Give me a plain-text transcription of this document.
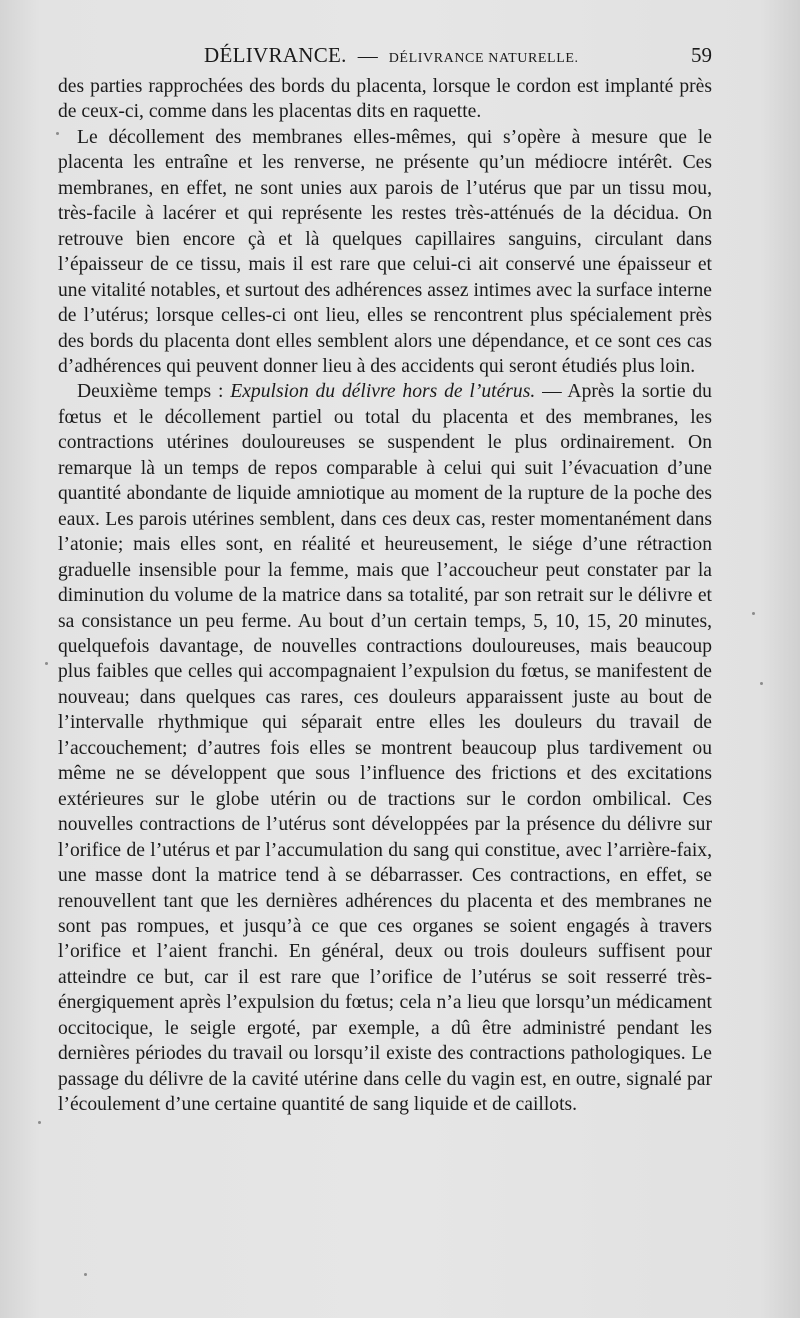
DÉLIVRANCE. — DÉLIVRANCE NATURELLE.	59

des parties rapprochées des bords du placenta, lorsque le cordon est implanté près de ceux-ci, comme dans les placentas dits en raquette.

Le décollement des membranes elles-mêmes, qui s’opère à mesure que le placenta les entraîne et les renverse, ne présente qu’un médiocre intérêt. Ces membranes, en effet, ne sont unies aux parois de l’utérus que par un tissu mou, très-facile à lacérer et qui représente les restes très-atténués de la décidua. On retrouve bien encore çà et là quelques capillaires sanguins, circulant dans l’épaisseur de ce tissu, mais il est rare que celui-ci ait conservé une épaisseur et une vitalité notables, et surtout des adhérences assez intimes avec la surface interne de l’utérus; lorsque celles-ci ont lieu, elles se rencontrent plus spécialement près des bords du placenta dont elles semblent alors une dépendance, et ce sont ces cas d’adhérences qui peuvent donner lieu à des accidents qui seront étudiés plus loin.

Deuxième temps : Expulsion du délivre hors de l’utérus. — Après la sortie du fœtus et le décollement partiel ou total du placenta et des membranes, les contractions utérines douloureuses se suspendent le plus ordinairement. On remarque là un temps de repos comparable à celui qui suit l’évacuation d’une quantité abondante de liquide amniotique au moment de la rupture de la poche des eaux. Les parois utérines semblent, dans ces deux cas, rester momentanément dans l’atonie; mais elles sont, en réalité et heureusement, le siége d’une rétraction graduelle insensible pour la femme, mais que l’accoucheur peut constater par la diminution du volume de la matrice dans sa totalité, par son retrait sur le délivre et sa consistance un peu ferme. Au bout d’un certain temps, 5, 10, 15, 20 minutes, quelquefois davantage, de nouvelles contractions douloureuses, mais beaucoup plus faibles que celles qui accompagnaient l’expulsion du fœtus, se manifestent de nouveau; dans quelques cas rares, ces douleurs apparaissent juste au bout de l’intervalle rhythmique qui séparait entre elles les douleurs du travail de l’accouchement; d’autres fois elles se montrent beaucoup plus tardivement ou même ne se développent que sous l’influence des frictions et des excitations extérieures sur le globe utérin ou de tractions sur le cordon ombilical. Ces nouvelles contractions de l’utérus sont développées par la présence du délivre sur l’orifice de l’utérus et par l’accumulation du sang qui constitue, avec l’arrière-faix, une masse dont la matrice tend à se débarrasser. Ces contractions, en effet, se renouvellent tant que les dernières adhérences du placenta et des membranes ne sont pas rompues, et jusqu’à ce que ces organes se soient engagés à travers l’orifice et l’aient franchi. En général, deux ou trois douleurs suffisent pour atteindre ce but, car il est rare que l’orifice de l’utérus se soit resserré très-énergiquement après l’expulsion du fœtus; cela n’a lieu que lorsqu’un médicament occitocique, le seigle ergoté, par exemple, a dû être administré pendant les dernières périodes du travail ou lorsqu’il existe des contractions pathologiques. Le passage du délivre de la cavité utérine dans celle du vagin est, en outre, signalé par l’écoulement d’une certaine quantité de sang liquide et de caillots.
